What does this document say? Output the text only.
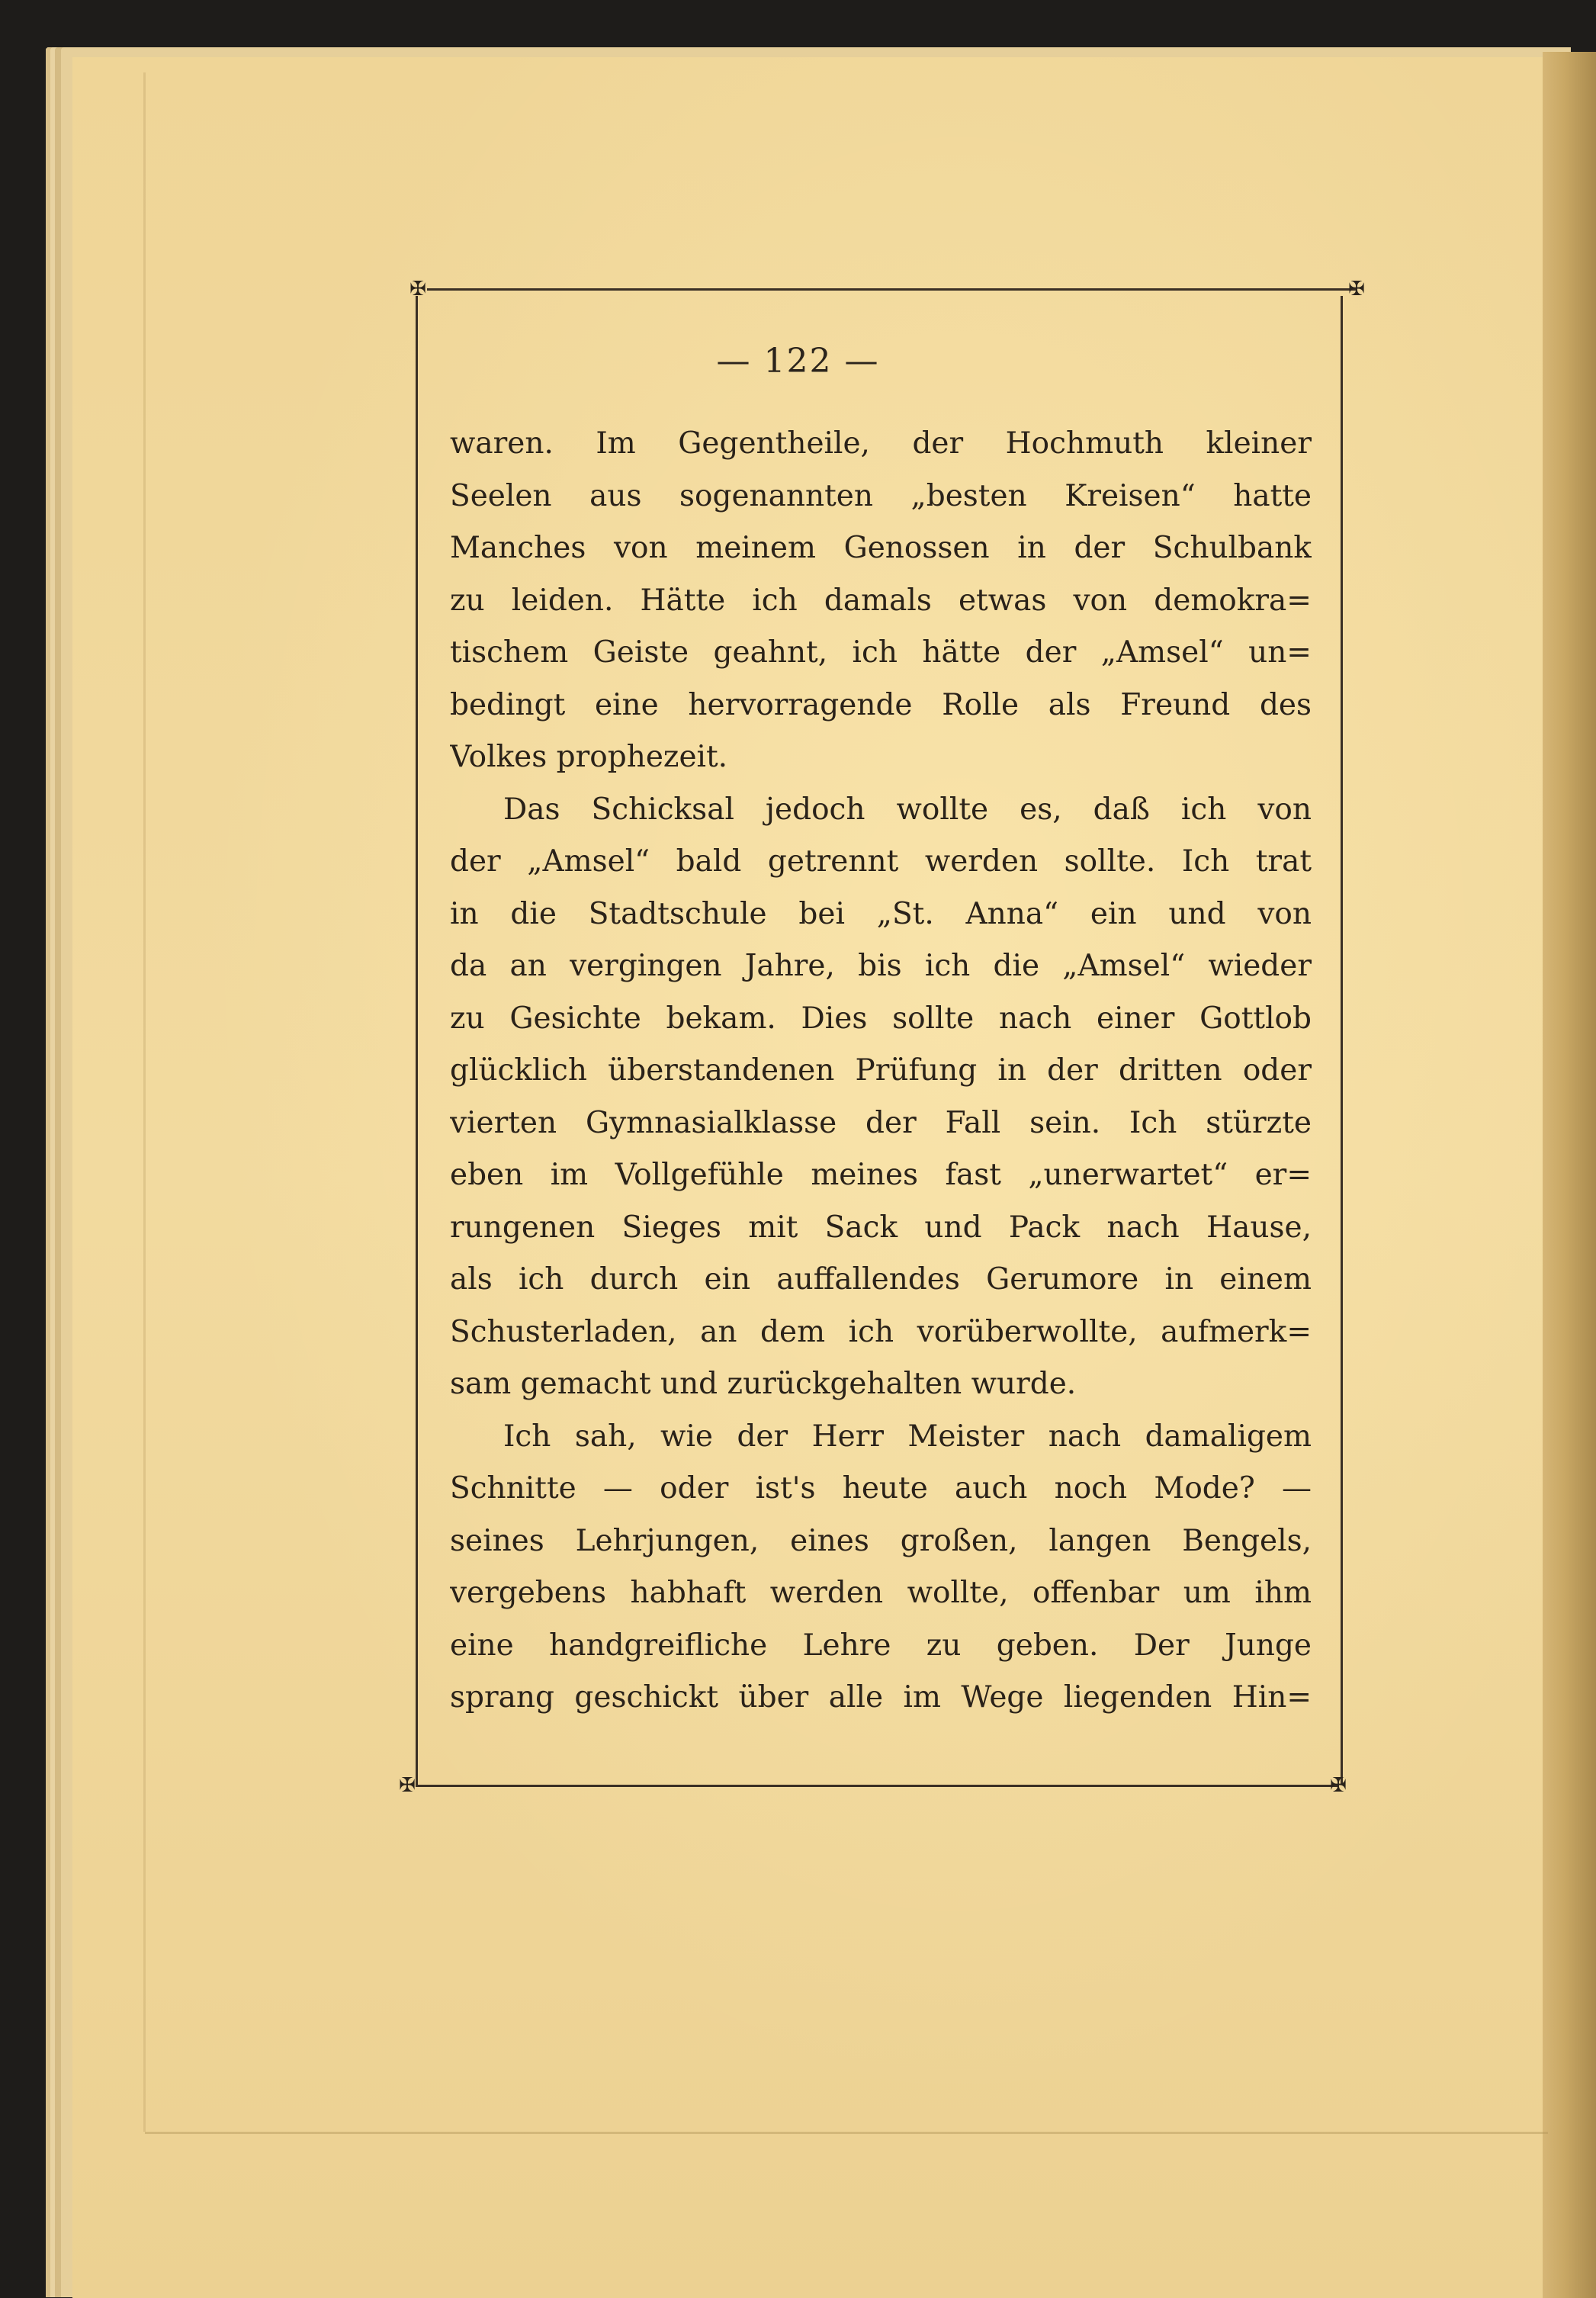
✠	✠
✠	✠
— 122 —
waren. Im Gegentheile, der Hochmuth kleiner
Seelen aus sogenannten „besten Kreisen“ hatte
Manches von meinem Genossen in der Schulbank
zu leiden. Hätte ich damals etwas von demokra=
tischem Geiste geahnt, ich hätte der „Amsel“ un=
bedingt eine hervorragende Rolle als Freund des
Volkes prophezeit.
Das Schicksal jedoch wollte es, daß ich von
der „Amsel“ bald getrennt werden sollte. Ich trat
in die Stadtschule bei „St. Anna“ ein und von
da an vergingen Jahre, bis ich die „Amsel“ wieder
zu Gesichte bekam. Dies sollte nach einer Gottlob
glücklich überstandenen Prüfung in der dritten oder
vierten Gymnasialklasse der Fall sein. Ich stürzte
eben im Vollgefühle meines fast „unerwartet“ er=
rungenen Sieges mit Sack und Pack nach Hause,
als ich durch ein auffallendes Gerumore in einem
Schusterladen, an dem ich vorüberwollte, aufmerk=
sam gemacht und zurückgehalten wurde.
Ich sah, wie der Herr Meister nach damaligem
Schnitte — oder ist's heute auch noch Mode? —
seines Lehrjungen, eines großen, langen Bengels,
vergebens habhaft werden wollte, offenbar um ihm
eine handgreifliche Lehre zu geben. Der Junge
sprang geschickt über alle im Wege liegenden Hin=
